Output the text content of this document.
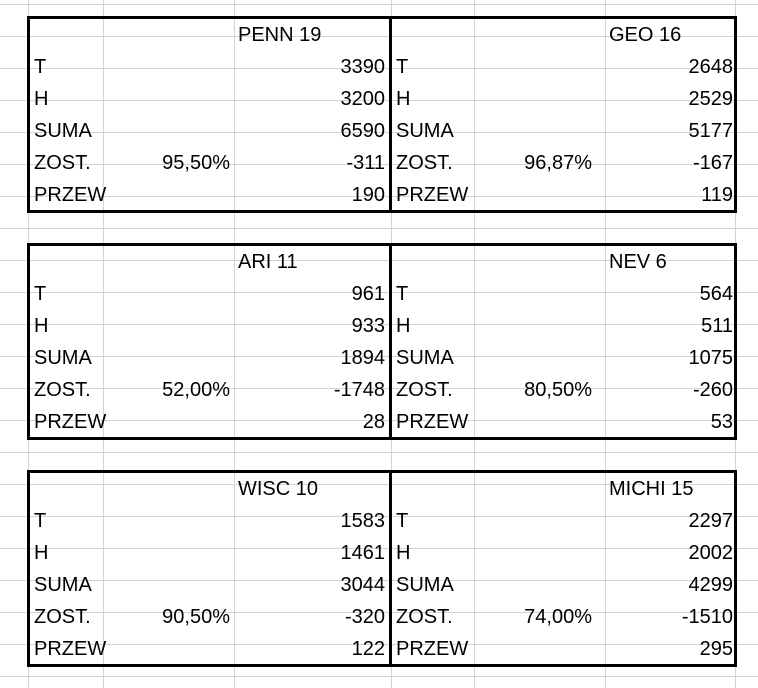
PENN 19
T	3390
H	3200
SUMA	6590
ZOST.	95,50%	-311
PRZEW	190
GEO 16
T	2648
H	2529
SUMA	5177
ZOST.	96,87%	-167
PRZEW	119
ARI 11
T	961
H	933
SUMA	1894
ZOST.	52,00%	-1748
PRZEW	28
NEV 6
T	564
H	511
SUMA	1075
ZOST.	80,50%	-260
PRZEW	53
WISC 10
T	1583
H	1461
SUMA	3044
ZOST.	90,50%	-320
PRZEW	122
MICHI 15
T	2297
H	2002
SUMA	4299
ZOST.	74,00%	-1510
PRZEW	295
